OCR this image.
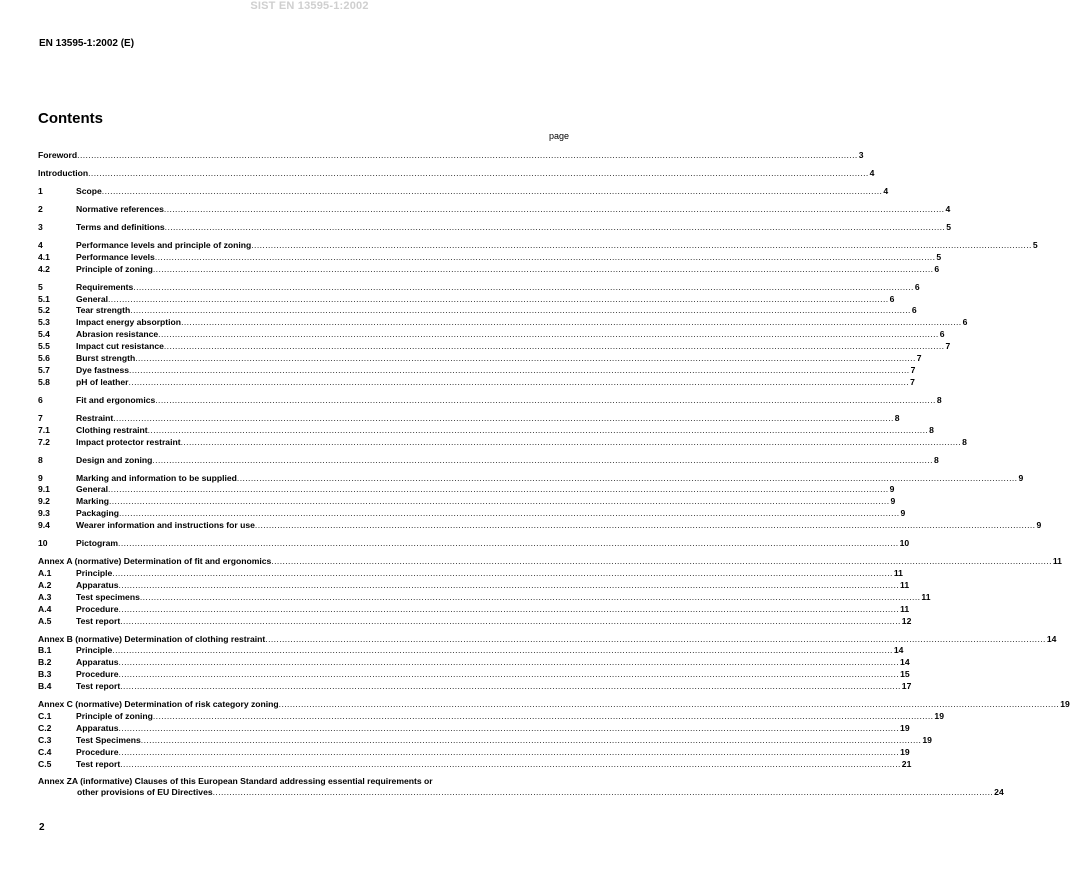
SIST EN 13595-1:2002
EN 13595-1:2002 (E)
Contents
page
Foreword .....	3
Introduction .....	4
1	Scope .....	4
2	Normative references .....	4
3	Terms and definitions .....	5
4	Performance levels and principle of zoning .....	5
4.1	Performance levels .....	5
4.2	Principle of zoning .....	6
5	Requirements .....	6
5.1	General .....	6
5.2	Tear strength .....	6
5.3	Impact energy absorption .....	6
5.4	Abrasion resistance .....	6
5.5	Impact cut resistance .....	7
5.6	Burst strength .....	7
5.7	Dye fastness .....	7
5.8	pH of leather .....	7
6	Fit and ergonomics .....	8
7	Restraint .....	8
7.1	Clothing restraint .....	8
7.2	Impact protector restraint .....	8
8	Design and zoning .....	8
9	Marking and information to be supplied .....	9
9.1	General .....	9
9.2	Marking .....	9
9.3	Packaging .....	9
9.4	Wearer information and instructions for use .....	9
10	Pictogram .....	10
Annex A (normative) Determination of fit and ergonomics .....	11
A.1	Principle .....	11
A.2	Apparatus .....	11
A.3	Test specimens .....	11
A.4	Procedure .....	11
A.5	Test report .....	12
Annex B (normative) Determination of clothing restraint .....	14
B.1	Principle .....	14
B.2	Apparatus .....	14
B.3	Procedure .....	15
B.4	Test report .....	17
Annex C (normative) Determination of risk category zoning .....	19
C.1	Principle of zoning .....	19
C.2	Apparatus .....	19
C.3	Test Specimens .....	19
C.4	Procedure .....	19
C.5	Test report .....	21
Annex ZA (informative) Clauses of this European Standard addressing essential requirements or
other provisions of EU Directives .....	24
2
